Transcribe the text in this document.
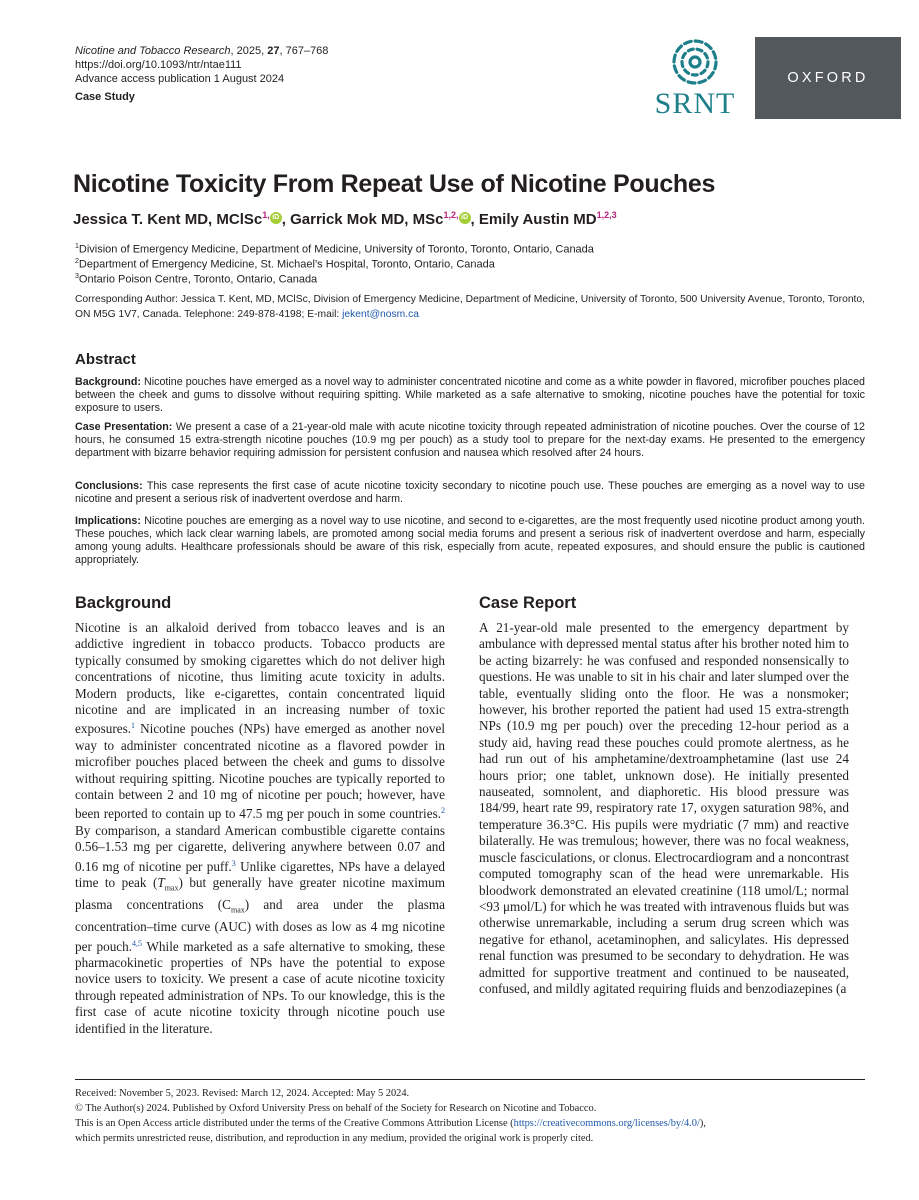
Nicotine and Tobacco Research, 2025, 27, 767–768
https://doi.org/10.1093/ntr/ntae111
Advance access publication 1 August 2024
Case Study	SRNT
OXFORD
Nicotine Toxicity From Repeat Use of Nicotine Pouches
Jessica T. Kent MD, MClSc$^{1,}$ iD , Garrick Mok MD, MSc$^{1,2,}$ iD , Emily Austin MD$^{1,2,3}$
$^1$Division of Emergency Medicine, Department of Medicine, University of Toronto, Toronto, Ontario, Canada
$^2$Department of Emergency Medicine, St. Michael’s Hospital, Toronto, Ontario, Canada
$^3$Ontario Poison Centre, Toronto, Ontario, Canada
Corresponding Author: Jessica T. Kent, MD, MClSc, Division of Emergency Medicine, Department of Medicine, University of Toronto, 500 University Avenue, Toronto, Toronto, ON M5G 1V7, Canada. Telephone: 249-878-4198; E-mail: jekent@nosm.ca
Abstract
Background: Nicotine pouches have emerged as a novel way to administer concentrated nicotine and come as a white powder in flavored, microfiber pouches placed between the cheek and gums to dissolve without requiring spitting. While marketed as a safe alternative to smoking, nicotine pouches have the potential for toxic exposure to users.
Case Presentation: We present a case of a 21-year-old male with acute nicotine toxicity through repeated administration of nicotine pouches. Over the course of 12 hours, he consumed 15 extra-strength nicotine pouches (10.9 mg per pouch) as a study tool to prepare for the next-day exams. He presented to the emergency department with bizarre behavior requiring admission for persistent confusion and nausea which resolved after 24 hours.
Conclusions: This case represents the first case of acute nicotine toxicity secondary to nicotine pouch use. These pouches are emerging as a novel way to use nicotine and present a serious risk of inadvertent overdose and harm.
Implications: Nicotine pouches are emerging as a novel way to use nicotine, and second to e-cigarettes, are the most frequently used nicotine product among youth. These pouches, which lack clear warning labels, are promoted among social media forums and present a serious risk of inadvertent overdose and harm, especially among young adults. Healthcare professionals should be aware of this risk, especially from acute, repeated exposures, and should ensure the public is cautioned appropriately.
Background
Nicotine is an alkaloid derived from tobacco leaves and is an addictive ingredient in tobacco products. Tobacco products are typically consumed by smoking cigarettes which do not deliver high concentrations of nicotine, thus limiting acute toxicity in adults. Modern products, like e-cigarettes, contain concentrated liquid nicotine and are implicated in an increasing number of toxic exposures.$^1$ Nicotine pouches (NPs) have emerged as another novel way to administer concentrated nicotine as a flavored powder in microfiber pouches placed between the cheek and gums to dissolve without requiring spitting. Nicotine pouches are typically reported to contain between 2 and 10 mg of nicotine per pouch; however, have been reported to contain up to 47.5 mg per pouch in some countries.$^2$ By comparison, a standard American combustible cigarette contains 0.56–1.53 mg per cigarette, delivering anywhere between 0.07 and 0.16 mg of nicotine per puff.$^3$ Unlike cigarettes, NPs have a delayed time to peak $(T_{max})$ but generally have greater nicotine maximum plasma concentrations $(C_{max})$ and area under the plasma concentration–time curve (AUC) with doses as low as 4 mg nicotine per pouch.$^{4,5}$ While marketed as a safe alternative to smoking, these pharmacokinetic properties of NPs have the potential to expose novice users to toxicity. We present a case of acute nicotine toxicity through repeated administration of NPs. To our knowledge, this is the first case of acute nicotine toxicity through nicotine pouch use identified in the literature.
Case Report
A 21-year-old male presented to the emergency department by ambulance with depressed mental status after his brother noted him to be acting bizarrely: he was confused and responded nonsensically to questions. He was unable to sit in his chair and later slumped over the table, eventually sliding onto the floor. He was a nonsmoker; however, his brother reported the patient had used 15 extra-strength NPs (10.9 mg per pouch) over the preceding 12-hour period as a study aid, having read these pouches could promote alertness, as he had run out of his amphetamine/dextroamphetamine (last use 24 hours prior; one tablet, unknown dose). He initially presented nauseated, somnolent, and diaphoretic. His blood pressure was 184/99, heart rate 99, respiratory rate 17, oxygen saturation 98%, and temperature 36.3°C. His pupils were mydriatic (7 mm) and reactive bilaterally. He was tremulous; however, there was no focal weakness, muscle fasciculations, or clonus. Electrocardiogram and a noncontrast computed tomography scan of the head were unremarkable. His bloodwork demonstrated an elevated creatinine (118 umol/L; normal <93 μmol/L) for which he was treated with intravenous fluids but was otherwise unremarkable, including a serum drug screen which was negative for ethanol, acetaminophen, and salicylates. His depressed renal function was presumed to be secondary to dehydration. He was admitted for supportive treatment and continued to be nauseated, confused, and mildly agitated requiring fluids and benzodiazepines (a
Received: November 5, 2023. Revised: March 12, 2024. Accepted: May 5 2024.
© The Author(s) 2024. Published by Oxford University Press on behalf of the Society for Research on Nicotine and Tobacco.
This is an Open Access article distributed under the terms of the Creative Commons Attribution License (https://creativecommons.org/licenses/by/4.0/),
which permits unrestricted reuse, distribution, and reproduction in any medium, provided the original work is properly cited.
